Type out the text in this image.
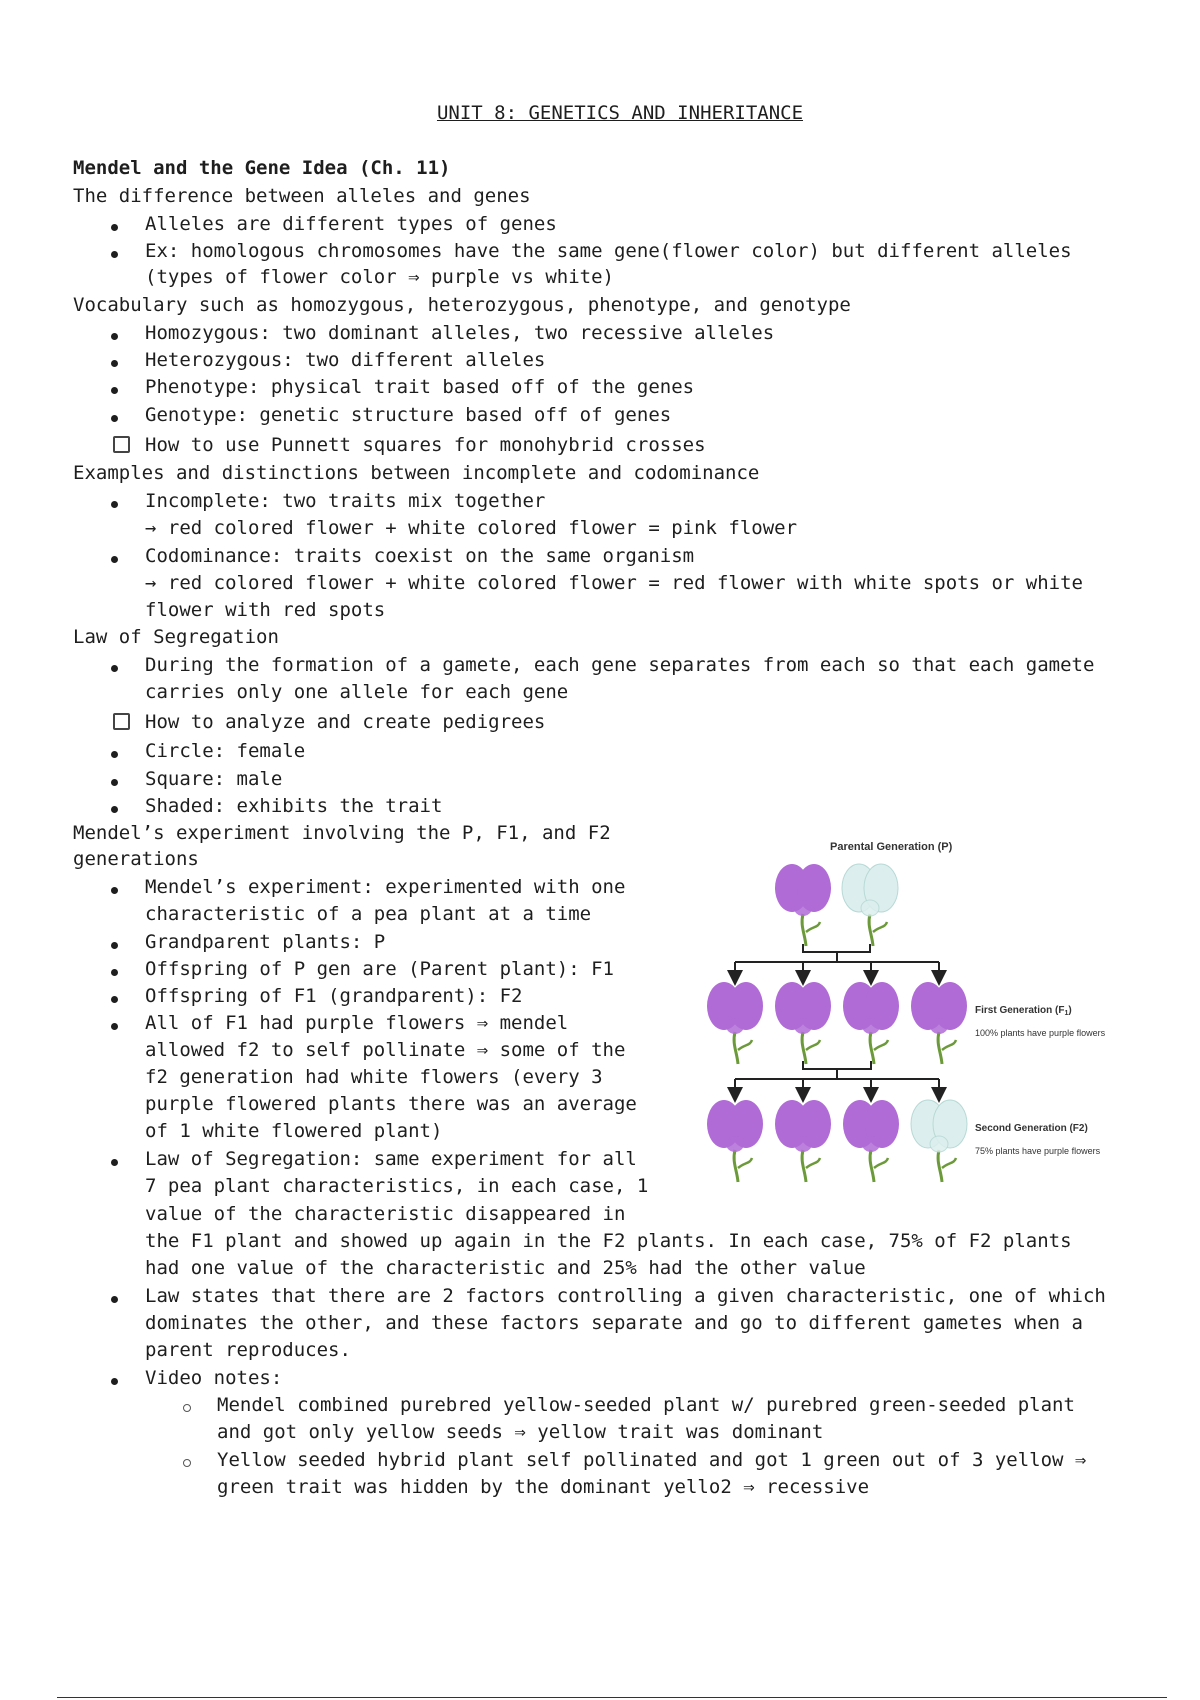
UNIT 8: GENETICS AND INHERITANCE

Mendel and the Gene Idea (Ch. 11)

The difference between alleles and genes

Alleles are different types of genes

Ex: homologous chromosomes have the same gene(flower color) but different alleles

(types of flower color ⇒ purple vs white)

Vocabulary such as homozygous, heterozygous, phenotype, and genotype

Homozygous: two dominant alleles, two recessive alleles

Heterozygous: two different alleles

Phenotype: physical trait based off of the genes

Genotype: genetic structure based off of genes

How to use Punnett squares for monohybrid crosses

Examples and distinctions between incomplete and codominance

Incomplete: two traits mix together

→ red colored flower + white colored flower = pink flower

Codominance: traits coexist on the same organism

→ red colored flower + white colored flower = red flower with white spots or white

flower with red spots

Law of Segregation

During the formation of a gamete, each gene separates from each so that each gamete

carries only one allele for each gene

How to analyze and create pedigrees

Circle: female

Square: male

Shaded: exhibits the trait

Mendel’s experiment involving the P, F1, and F2

generations

Mendel’s experiment: experimented with one

characteristic of a pea plant at a time

Grandparent plants: P

Offspring of P gen are (Parent plant): F1

Offspring of F1 (grandparent): F2

All of F1 had purple flowers ⇒ mendel

allowed f2 to self pollinate ⇒ some of the

f2 generation had white flowers (every 3

purple flowered plants there was an average

of 1 white flowered plant)

Law of Segregation: same experiment for all

7 pea plant characteristics, in each case, 1

value of the characteristic disappeared in

the F1 plant and showed up again in the F2 plants. In each case, 75% of F2 plants

had one value of the characteristic and 25% had the other value

Law states that there are 2 factors controlling a given characteristic, one of which

dominates the other, and these factors separate and go to different gametes when a

parent reproduces.

Video notes:

Mendel combined purebred yellow-seeded plant w/ purebred green-seeded plant

and got only yellow seeds ⇒ yellow trait was dominant

Yellow seeded hybrid plant self pollinated and got 1 green out of 3 yellow ⇒

green trait was hidden by the dominant yello2 ⇒ recessive

Parental Generation (P)
First Generation $(F_1)$
100% plants have purple flowers
Second Generation (F2)
75% plants have purple flowers
